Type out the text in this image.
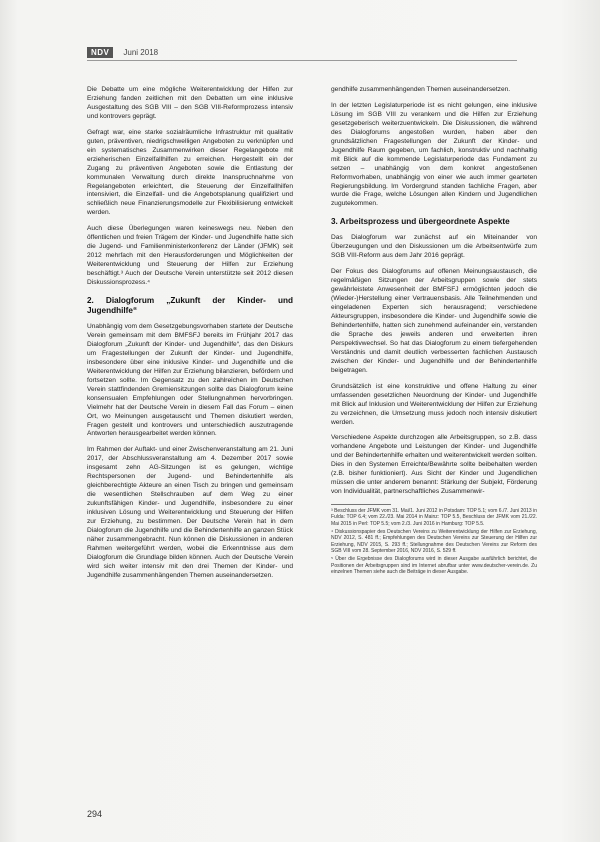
NDV	Juni 2018

Die Debatte um eine mögliche Weiterentwicklung der Hilfen zur Erziehung fanden zeitlichen mit den Debatten um eine inklusive Ausgestaltung des SGB VIII – den SGB VIII-Reformprozess intensiv und kontrovers geprägt.

Gefragt war, eine starke sozialräumliche Infrastruktur mit qualitativ guten, präventiven, niedrigschwelligen Angeboten zu verknüpfen und ein systematisches Zusammenwirken dieser Regelangebote mit erzieherischen Einzelfallhilfen zu erreichen. Hergestellt ein der Zugang zu präventiven Angeboten sowie die Entlastung der kommunalen Verwaltung durch direkte Inanspruchnahme von Regelangeboten erleichtert, die Steuerung der Einzelfallhilfen intensiviert, die Einzelfall- und die Angebotsplanung qualifiziert und schließlich neue Finanzierungsmodelle zur Flexibilisierung entwickelt werden.

Auch diese Überlegungen waren keineswegs neu. Neben den öffentlichen und freien Trägern der Kinder- und Jugendhilfe hatte sich die Jugend- und Familienministerkonferenz der Länder (JFMK) seit 2012 mehrfach mit den Herausforderungen und Möglichkeiten der Weiterentwicklung und Steuerung der Hilfen zur Erziehung beschäftigt.³ Auch der Deutsche Verein unterstützte seit 2012 diesen Diskussionsprozess.⁴

2. Dialogforum „Zukunft der Kinder- und Jugendhilfe“

Unabhängig vom dem Gesetzgebungsvorhaben startete der Deutsche Verein gemeinsam mit dem BMFSFJ bereits im Frühjahr 2017 das Dialogforum „Zukunft der Kinder- und Jugendhilfe“, das den Diskurs um Fragestellungen der Zukunft der Kinder- und Jugendhilfe, insbesondere über eine inklusive Kinder- und Jugendhilfe und die Weiterentwicklung der Hilfen zur Erziehung bilanzieren, befördern und fortsetzen sollte. Im Gegensatz zu den zahlreichen im Deutschen Verein stattfindenden Gremiensitzungen sollte das Dialogforum keine konsensualen Empfehlungen oder Stellungnahmen hervorbringen. Vielmehr hat der Deutsche Verein in diesem Fall das Forum – einen Ort, wo Meinungen ausgetauscht und Themen diskutiert werden, Fragen gestellt und kontrovers und unterschiedlich auszutragende Antworten herausgearbeitet werden können.

Im Rahmen der Auftakt- und einer Zwischenveranstaltung am 21. Juni 2017, der Abschlussveranstaltung am 4. Dezember 2017 sowie insgesamt zehn AG-Sitzungen ist es gelungen, wichtige Rechtspersonen der Jugend- und Behindertenhilfe als gleichberechtigte Akteure an einen Tisch zu bringen und gemeinsam die wesentlichen Stellschrauben auf dem Weg zu einer zukunftsfähigen Kinder- und Jugendhilfe, insbesondere zu einer inklusiven Lösung und Weiterentwicklung und Steuerung der Hilfen zur Erziehung, zu bestimmen. Der Deutsche Verein hat in dem Dialogforum die Jugendhilfe und die Behindertenhilfe an ganzen Stück näher zusammengebracht. Nun können die Diskussionen in anderen Rahmen weitergeführt werden, wobei die Erkenntnisse aus dem Dialogforum die Grundlage bilden können. Auch der Deutsche Verein wird sich weiter intensiv mit den drei Themen der Kinder- und Jugendhilfe zusammenhängenden Themen auseinandersetzen.

gendhilfe zusammenhängenden Themen auseinandersetzen.

In der letzten Legislaturperiode ist es nicht gelungen, eine inklusive Lösung im SGB VIII zu verankern und die Hilfen zur Erziehung gesetzgeberisch weiterzuentwickeln. Die Diskussionen, die während des Dialogforums angestoßen wurden, haben aber den grundsätzlichen Fragestellungen der Zukunft der Kinder- und Jugendhilfe Raum gegeben, um fachlich, konstruktiv und nachhaltig mit Blick auf die kommende Legislaturperiode das Fundament zu setzen – unabhängig von dem konkret angestoßenen Reformvorhaben, unabhängig von einer wie auch immer gearteten Regierungsbildung. Im Vordergrund standen fachliche Fragen, aber wurde die Frage, welche Lösungen allen Kindern und Jugendlichen zugutekommen.

3. Arbeitsprozess und übergeordnete Aspekte

Das Dialogforum war zunächst auf ein Miteinander von Überzeugungen und den Diskussionen um die Arbeitsentwürfe zum SGB VIII-Reform aus dem Jahr 2016 geprägt.

Der Fokus des Dialogforums auf offenen Meinungsaustausch, die regelmäßigen Sitzungen der Arbeitsgruppen sowie der stets gewährleistete Anwesenheit der BMFSFJ ermöglichten jedoch die (Wieder-)Herstellung einer Vertrauensbasis. Alle Teilnehmenden und eingeladenen Experten sich herausragend; verschiedene Akteursgruppen, insbesondere die Kinder- und Jugendhilfe sowie die Behindertenhilfe, hatten sich zunehmend aufeinander ein, verstanden die Sprache des jeweils anderen und erweiterten ihren Perspektivwechsel. So hat das Dialogforum zu einem tiefergehenden Verständnis und damit deutlich verbesserten fachlichen Austausch zwischen der Kinder- und Jugendhilfe und der Behindertenhilfe beigetragen.

Grundsätzlich ist eine konstruktive und offene Haltung zu einer umfassenden gesetzlichen Neuordnung der Kinder- und Jugendhilfe mit Blick auf Inklusion und Weiterentwicklung der Hilfen zur Erziehung zu verzeichnen, die Umsetzung muss jedoch noch intensiv diskutiert werden.

Verschiedene Aspekte durchzogen alle Arbeitsgruppen, so z.B. dass vorhandene Angebote und Leistungen der Kinder- und Jugendhilfe und der Behindertenhilfe erhalten und weiterentwickelt werden sollten. Dies in den Systemen Erreichte/Bewährte sollte beibehalten werden (z.B. bisher funktioniert). Aus Sicht der Kinder und Jugendlichen müssen die unter anderem benannt: Stärkung der Subjekt, Förderung von Individualität, partnerschaftliches Zusammenwir-

³ Beschluss der JFMK vom 31. Mai/1. Juni 2012 in Potsdam: TOP 5.1; vom 6./7. Juni 2013 in Fulda: TOP 6.4; vom 22./23. Mai 2014 in Mainz: TOP 5.5, Beschluss der JFMK vom 21./22. Mai 2015 in Perl: TOP 5.5; vom 2./3. Juni 2016 in Hamburg: TOP 5.5.

⁴ Diskussionspapier des Deutschen Vereins zu Weiterentwicklung der Hilfen zur Erziehung, NDV 2012, S. 481 ff.; Empfehlungen des Deutschen Vereins zur Steuerung der Hilfen zur Erziehung, NDV 2015, S. 293 ff.; Stellungnahme des Deutschen Vereins zur Reform des SGB VIII vom 28. September 2016, NDV 2016, S. 529 ff.

⁵ Über die Ergebnisse des Dialogforums wird in dieser Ausgabe ausführlich berichtet, die Positionen der Arbeitsgruppen sind im Internet abrufbar unter www.deutscher-verein.de. Zu einzelnen Themen siehe auch die Beiträge in dieser Ausgabe.

294
